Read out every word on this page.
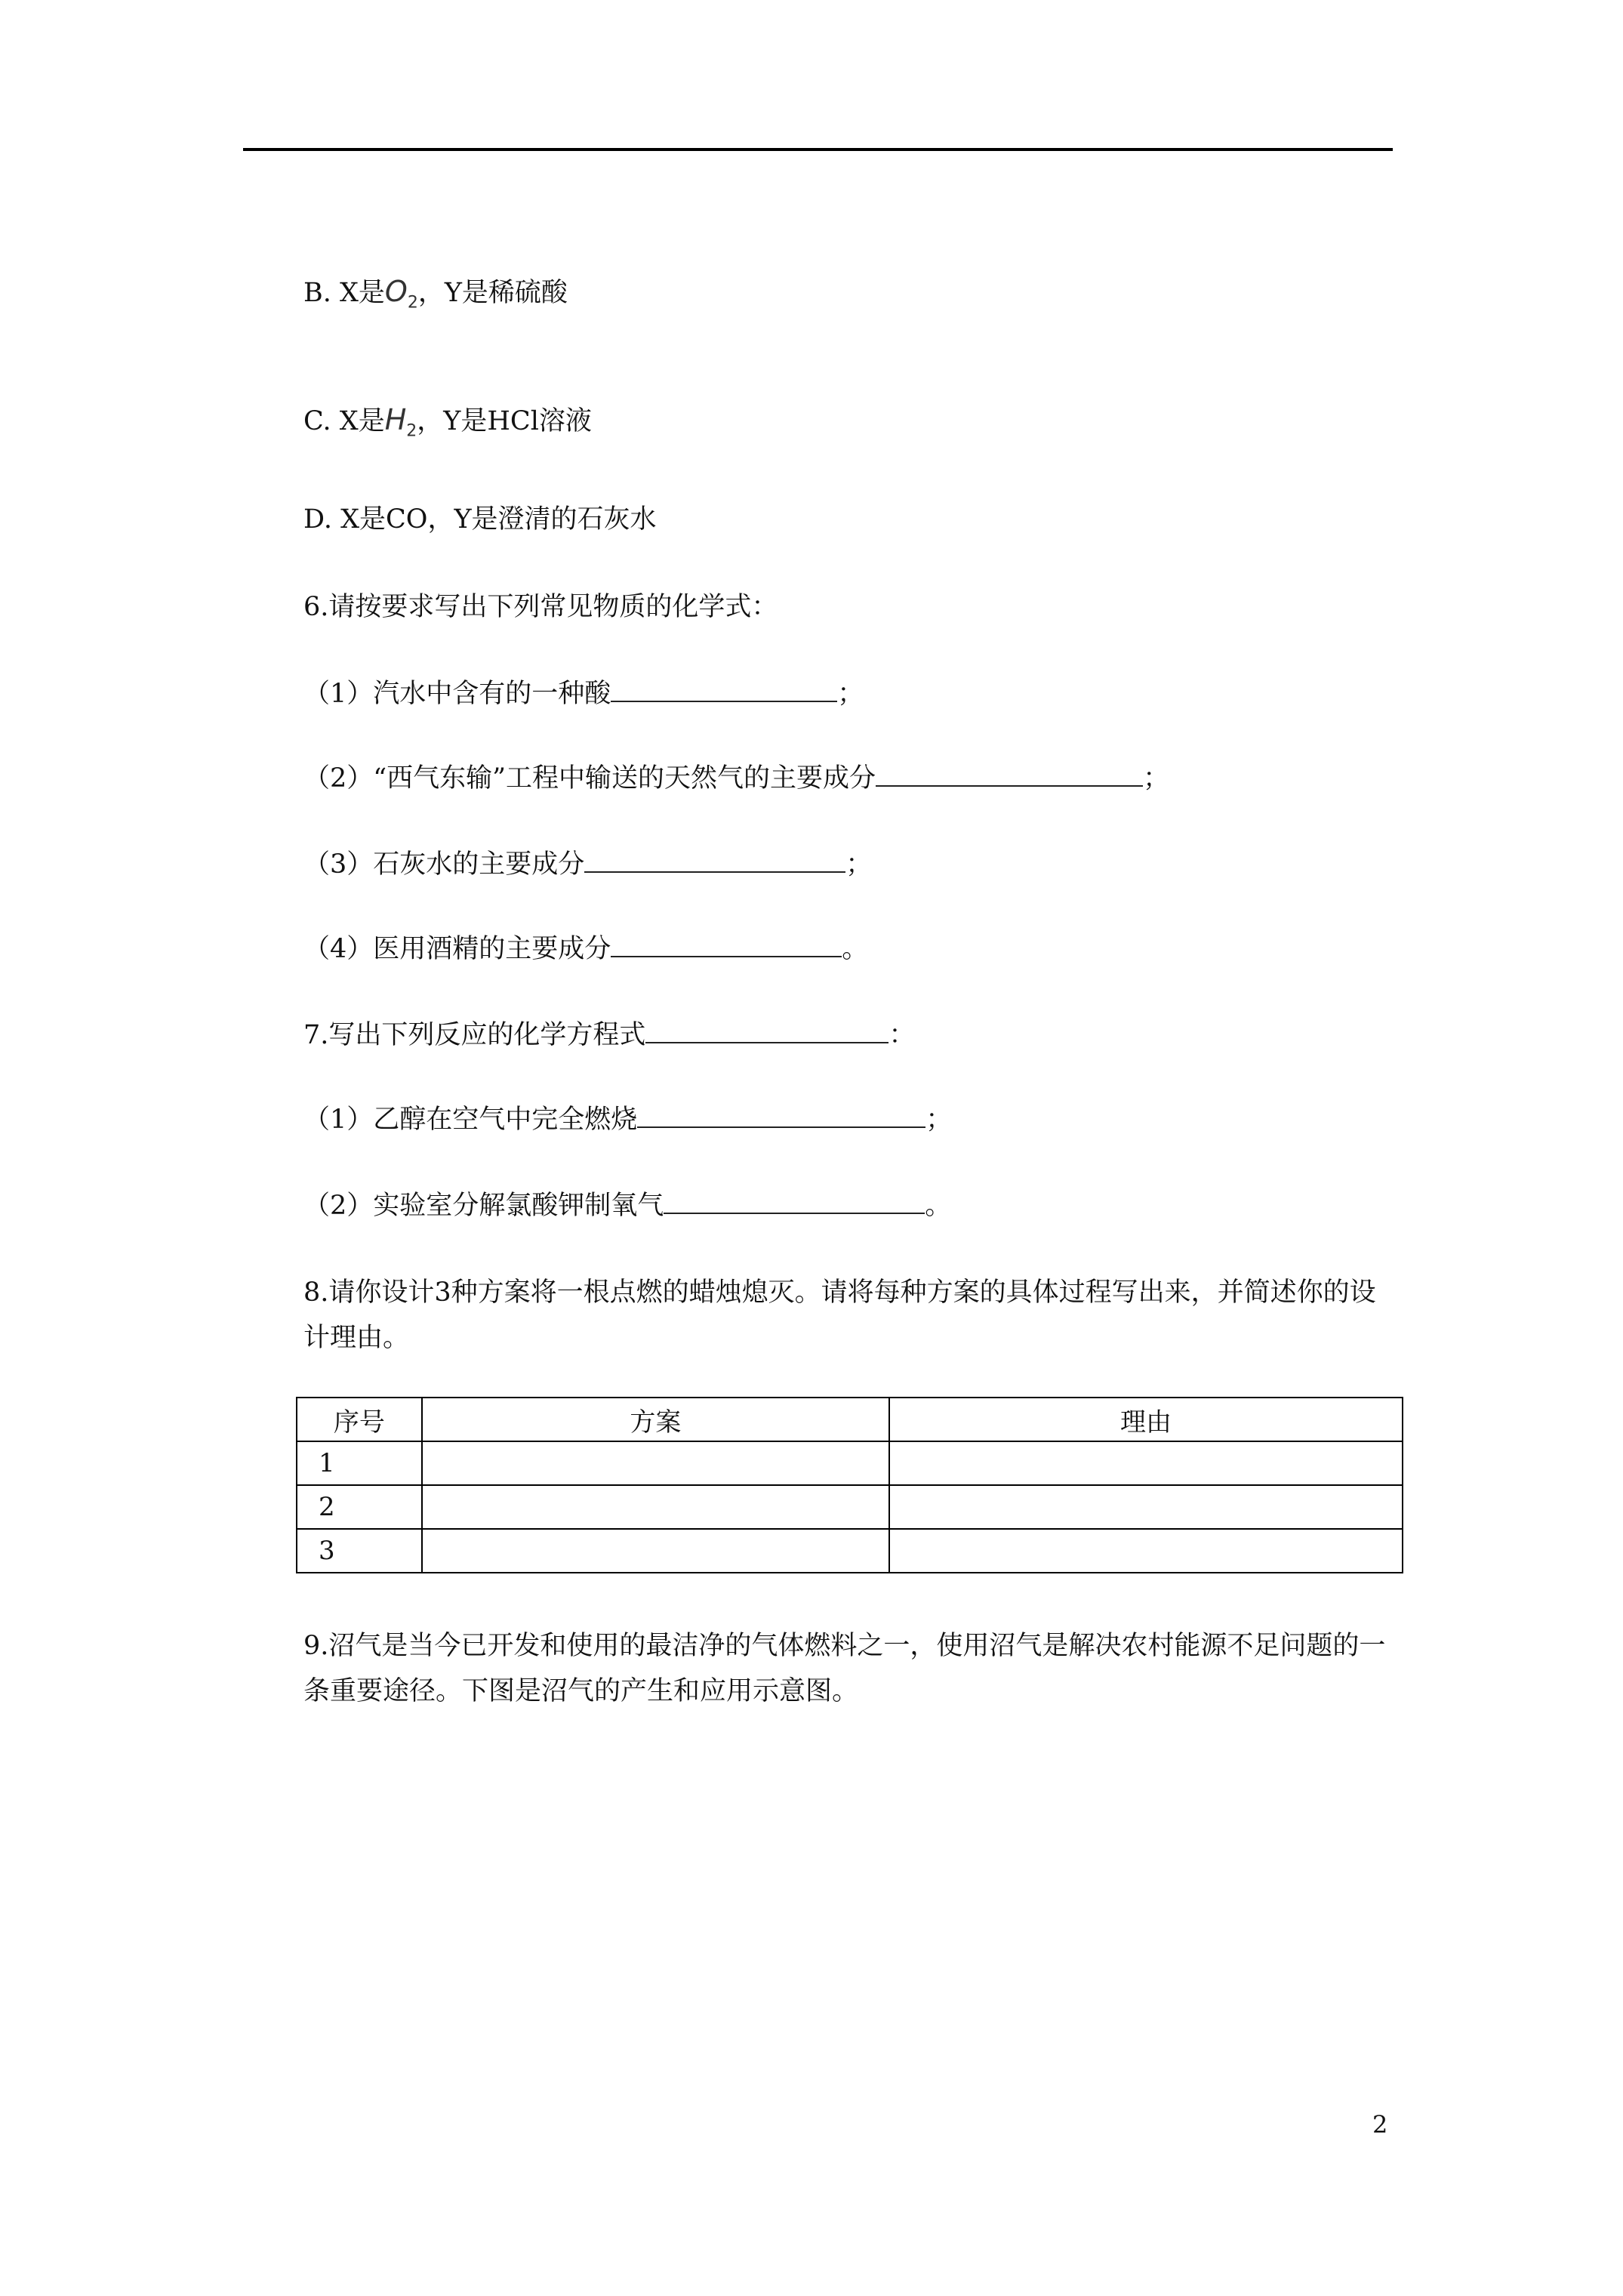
B. X是$O_2$，Y是稀硫酸
C. X是$H_2$，Y是HCl溶液
D. X是CO，Y是澄清的石灰水
6.请按要求写出下列常见物质的化学式：
（1）汽水中含有的一种酸	；
（2）“西气东输”工程中输送的天然气的主要成分	；
（3）石灰水的主要成分	；
（4）医用酒精的主要成分	。
7.写出下列反应的化学方程式	：
（1）乙醇在空气中完全燃烧	；
（2）实验室分解氯酸钾制氧气	。
8.请你设计3种方案将一根点燃的蜡烛熄灭。请将每种方案的具体过程写出来，并简述你的设计理由。
序号	方案	理由
1		
2		
3		
9.沼气是当今已开发和使用的最洁净的气体燃料之一，使用沼气是解决农村能源不足问题的一条重要途径。下图是沼气的产生和应用示意图。
2
